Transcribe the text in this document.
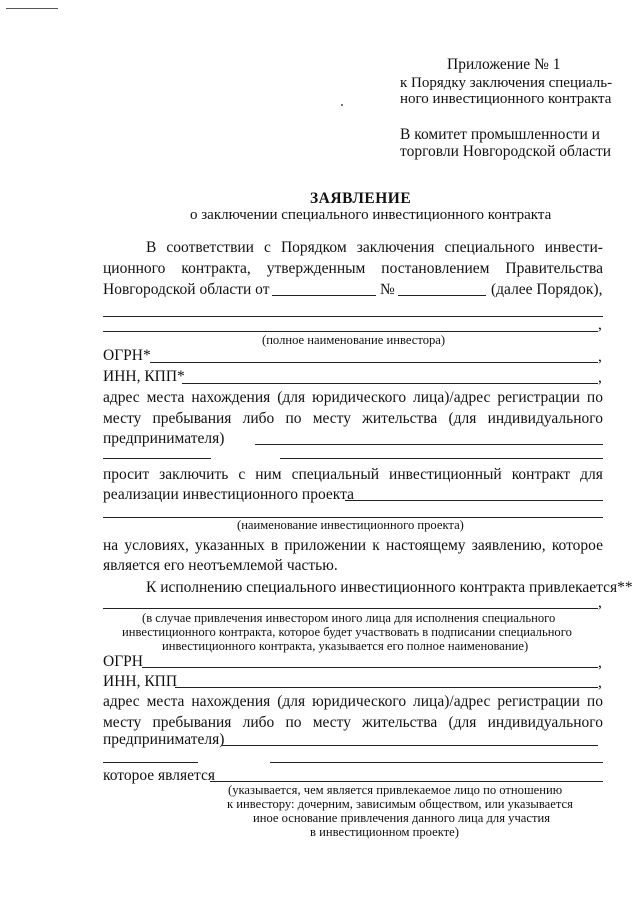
Приложение № 1
к Порядку заключения специаль-
ного инвестиционного контракта
В комитет промышленности и
торговли Новгородской области
ЗАЯВЛЕНИЕ
о заключении специального инвестиционного контракта
В соответствии с Порядком заключения специального инвести-
ционного контракта, утвержденным постановлением Правительства
Новгородской области от	№	(далее Порядок),
,
(полное наименование инвестора)
ОГРН*	,
ИНН, КПП*	,
адрес места нахождения (для юридического лица)/адрес регистрации по
месту пребывания либо по месту жительства (для индивидуального
предпринимателя)
просит заключить с ним специальный инвестиционный контракт для
реализации инвестиционного проекта
(наименование инвестиционного проекта)
на условиях, указанных в приложении к настоящему заявлению, которое
является его неотъемлемой частью.
К исполнению специального инвестиционного контракта привлекается**
,
(в случае привлечения инвестором иного лица для исполнения специального
инвестиционного контракта, которое будет участвовать в подписании специального
инвестиционного контракта, указывается его полное наименование)
ОГРН	,
ИНН, КПП	,
адрес места нахождения (для юридического лица)/адрес регистрации по
месту пребывания либо по месту жительства (для индивидуального
предпринимателя)
которое является
(указывается, чем является привлекаемое лицо по отношению
к инвестору: дочерним, зависимым обществом, или указывается
иное основание привлечения данного лица для участия
в инвестиционном проекте)
